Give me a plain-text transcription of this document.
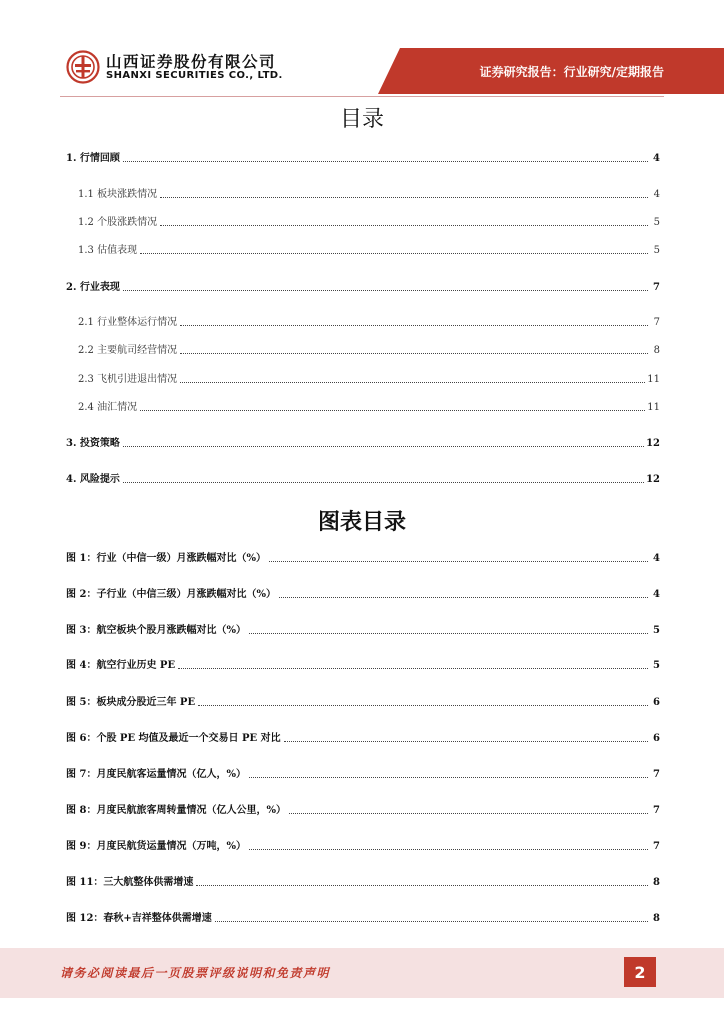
山西证券股份有限公司
SHANXI SECURITIES CO., LTD.	证券研究报告：行业研究/定期报告
目录
1. 行情回顾	4
1.1 板块涨跌情况	4
1.2 个股涨跌情况	5
1.3 估值表现	5
2. 行业表现	7
2.1 行业整体运行情况	7
2.2 主要航司经营情况	8
2.3 飞机引进退出情况	11
2.4 油汇情况	11
3. 投资策略	12
4. 风险提示	12
图表目录
图 1：行业（中信一级）月涨跌幅对比（%）	4
图 2：子行业（中信三级）月涨跌幅对比（%）	4
图 3：航空板块个股月涨跌幅对比（%）	5
图 4：航空行业历史 PE	5
图 5：板块成分股近三年 PE	6
图 6：个股 PE 均值及最近一个交易日 PE 对比	6
图 7：月度民航客运量情况（亿人，%）	7
图 8：月度民航旅客周转量情况（亿人公里，%）	7
图 9：月度民航货运量情况（万吨，%）	7
图 11：三大航整体供需增速	8
图 12：春秋+吉祥整体供需增速	8
请务必阅读最后一页股票评级说明和免责声明	2
